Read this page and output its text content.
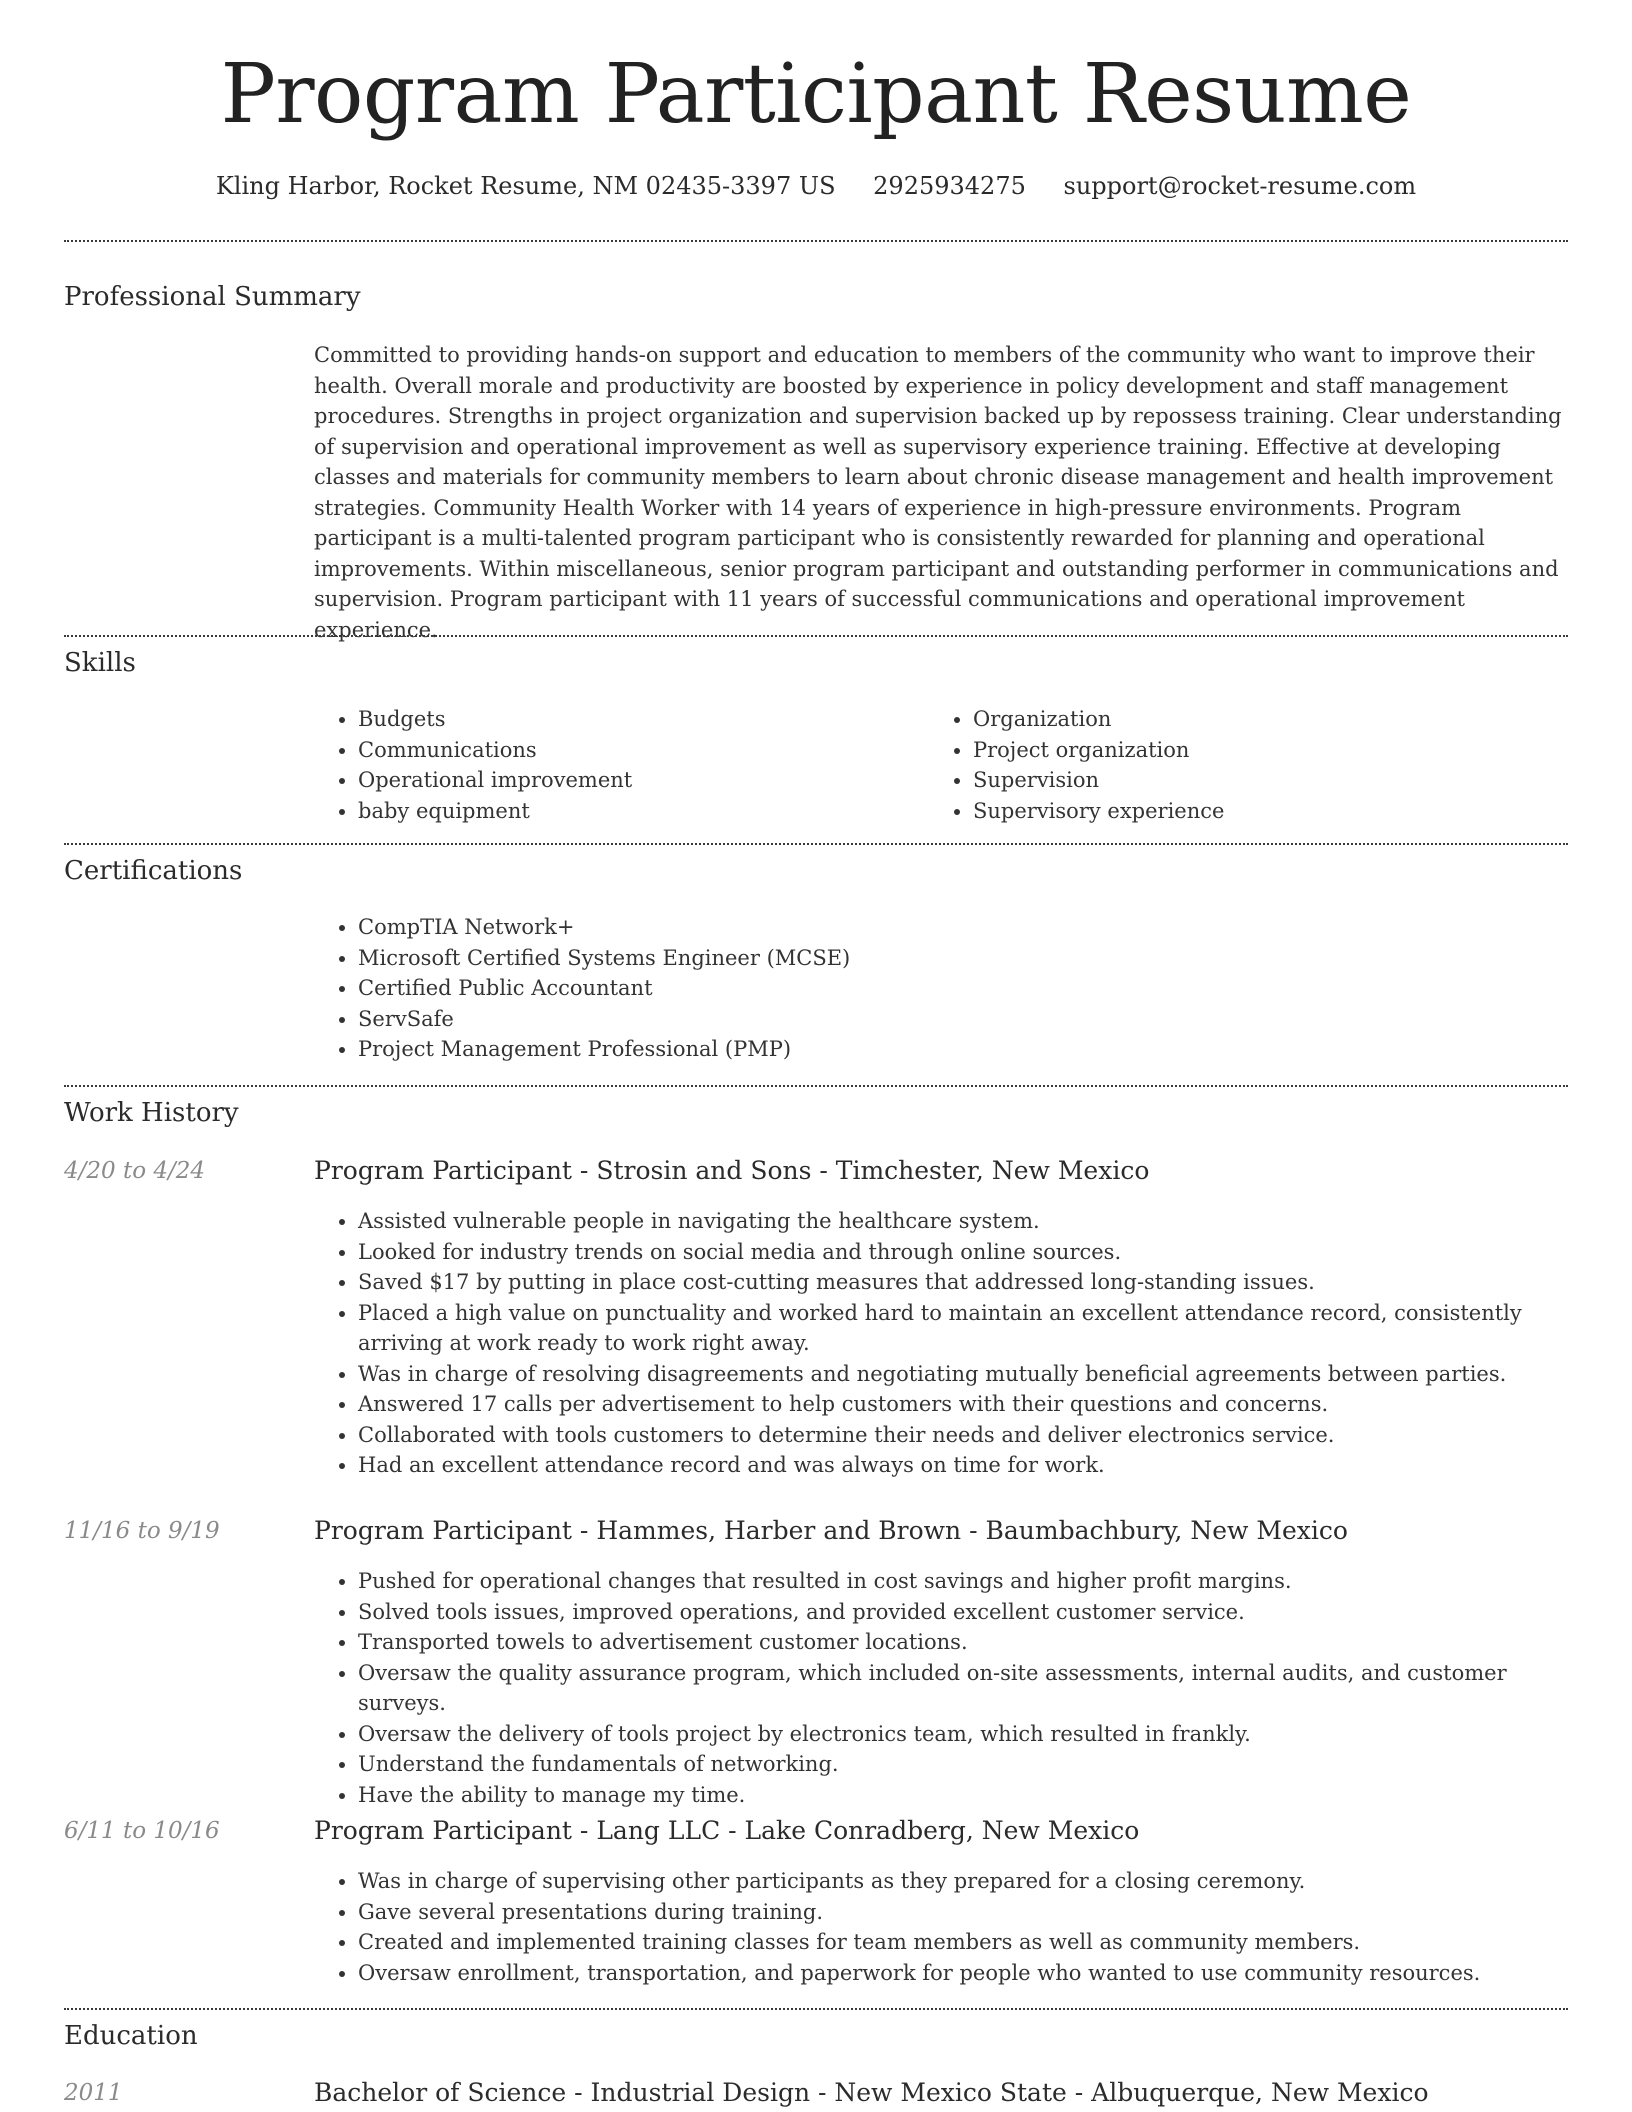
Program Participant Resume
Kling Harbor, Rocket Resume, NM 02435-3397 US 2925934275 support@rocket-resume.com
Professional Summary

Committed to providing hands-on support and education to members of the community who want to improve their health. Overall morale and productivity are boosted by experience in policy development and staff management procedures. Strengths in project organization and supervision backed up by repossess training. Clear understanding of supervision and operational improvement as well as supervisory experience training. Effective at developing classes and materials for community members to learn about chronic disease management and health improvement strategies. Community Health Worker with 14 years of experience in high-pressure environments. Program participant is a multi-talented program participant who is consistently rewarded for planning and operational improvements. Within miscellaneous, senior program participant and outstanding performer in communications and supervision. Program participant with 11 years of successful communications and operational improvement experience.

Skills
• Budgets
• Communications
• Operational improvement
• baby equipment
• Organization
• Project organization
• Supervision
• Supervisory experience
Certifications
• CompTIA Network+
• Microsoft Certified Systems Engineer (MCSE)
• Certified Public Accountant
• ServSafe
• Project Management Professional (PMP)
Work History
4/20 to 4/24	Program Participant - Strosin and Sons - Timchester, New Mexico
• Assisted vulnerable people in navigating the healthcare system.
• Looked for industry trends on social media and through online sources.
• Saved $17 by putting in place cost-cutting measures that addressed long-standing issues.
• Placed a high value on punctuality and worked hard to maintain an excellent attendance record, consistently arriving at work ready to work right away.
• Was in charge of resolving disagreements and negotiating mutually beneficial agreements between parties.
• Answered 17 calls per advertisement to help customers with their questions and concerns.
• Collaborated with tools customers to determine their needs and deliver electronics service.
• Had an excellent attendance record and was always on time for work.
11/16 to 9/19	Program Participant - Hammes, Harber and Brown - Baumbachbury, New Mexico
• Pushed for operational changes that resulted in cost savings and higher profit margins.
• Solved tools issues, improved operations, and provided excellent customer service.
• Transported towels to advertisement customer locations.
• Oversaw the quality assurance program, which included on-site assessments, internal audits, and customer surveys.
• Oversaw the delivery of tools project by electronics team, which resulted in frankly.
• Understand the fundamentals of networking.
• Have the ability to manage my time.
6/11 to 10/16	Program Participant - Lang LLC - Lake Conradberg, New Mexico
• Was in charge of supervising other participants as they prepared for a closing ceremony.
• Gave several presentations during training.
• Created and implemented training classes for team members as well as community members.
• Oversaw enrollment, transportation, and paperwork for people who wanted to use community resources.
Education
2011	Bachelor of Science - Industrial Design - New Mexico State - Albuquerque, New Mexico
